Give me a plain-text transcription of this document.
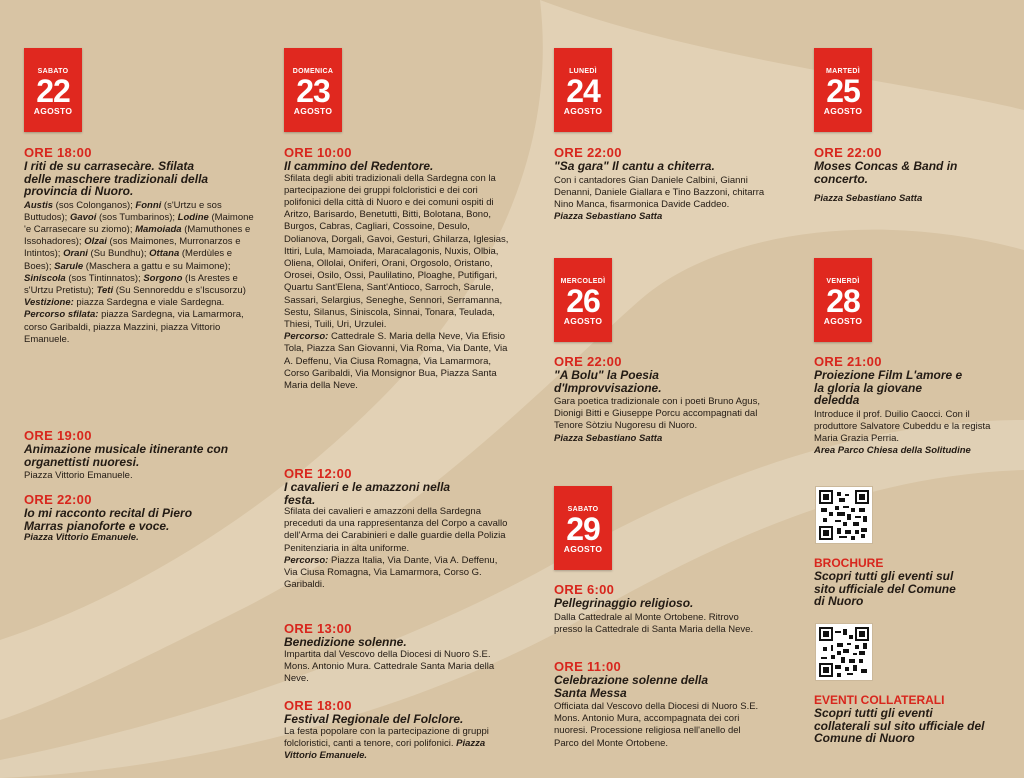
SABATO
22
AGOSTO
ORE 18:00
I riti de su carrasecàre. Sfilata delle maschere tradizionali della provincia di Nuoro.
Austis (sos Colonganos); Fonni (s'Urtzu e sos Buttudos); Gavoi (sos Tumbarinos); Lodine (Maimone 'e Carrasecare su ziomo); Mamoiada (Mamuthones e Issohadores); Olzai (sos Maimones, Murronarzos e Intintos); Orani (Su Bundhu); Ottana (Merdùles e Boes); Sarule (Maschera a gattu e su Maimone); Siniscola (sos Tintinnatos); Sorgono (Is Arestes e s'Urtzu Pretistu); Teti (Su Sennoreddu e s'Iscusorzu)
Vestizione: piazza Sardegna e viale Sardegna.
Percorso sfilata: piazza Sardegna, via Lamarmora, corso Garibaldi, piazza Mazzini, piazza Vittorio Emanuele.
ORE 19:00
Animazione musicale itinerante con organettisti nuoresi.
Piazza Vittorio Emanuele.
ORE 22:00
Io mi racconto recital di Piero Marras pianoforte e voce.
Piazza Vittorio Emanuele.
DOMENICA
23
AGOSTO
ORE 10:00
Il cammino del Redentore.
Sfilata degli abiti tradizionali della Sardegna con la partecipazione dei gruppi folcloristici e dei cori polifonici della città di Nuoro e dei comuni ospiti di Aritzo, Barisardo, Benetutti, Bitti, Bolotana, Bono, Burgos, Cabras, Cagliari, Cossoine, Desulo, Dolianova, Dorgali, Gavoi, Gesturi, Ghilarza, Iglesias, Ittiri, Lula, Mamoiada, Maracalagonis, Nuxis, Olbia, Oliena, Ollolai, Oniferi, Orani, Orgosolo, Oristano, Orosei, Osilo, Ossi, Paulilatino, Ploaghe, Putifigari, Quartu Sant'Elena, Sant'Antioco, Sarroch, Sarule, Sassari, Selargius, Seneghe, Sennori, Serramanna, Sestu, Silanus, Siniscola, Sinnai, Tonara, Teulada, Thiesi, Tuili, Uri, Urzulei.
Percorso: Cattedrale S. Maria della Neve, Via Efisio Tola, Piazza San Giovanni, Via Roma, Via Dante, Via A. Deffenu, Via Ciusa Romagna, Via Lamarmora, Corso Garibaldi, Via Monsignor Bua, Piazza Santa Maria della Neve.
ORE 12:00
I cavalieri e le amazzoni nella festa.
Sfilata dei cavalieri e amazzoni della Sardegna preceduti da una rappresentanza del Corpo a cavallo dell'Arma dei Carabinieri e dalle guardie della Polizia Penitenziaria in alta uniforme.
Percorso: Piazza Italia, Via Dante, Via A. Deffenu, Via Ciusa Romagna, Via Lamarmora, Corso G. Garibaldi.
ORE 13:00
Benedizione solenne.
Impartita dal Vescovo della Diocesi di Nuoro S.E. Mons. Antonio Mura. Cattedrale Santa Maria della Neve.
ORE 18:00
Festival Regionale del Folclore.
La festa popolare con la partecipazione di gruppi folcloristici, canti a tenore, cori polifonici. Piazza Vittorio Emanuele.
LUNEDÌ
24
AGOSTO
ORE 22:00
"Sa gara" Il cantu a chiterra.
Con i cantadores Gian Daniele Calbini, Gianni Denanni, Daniele Giallara e Tino Bazzoni, chitarra Nino Manca, fisarmonica Davide Caddeo.
Piazza Sebastiano Satta
MERCOLEDÌ
26
AGOSTO
ORE 22:00
"A Bolu" la Poesia d'Improvvisazione.
Gara poetica tradizionale con i poeti Bruno Agus, Dionigi Bitti e Giuseppe Porcu accompagnati dal Tenore Sòtziu Nugoresu di Nuoro.
Piazza Sebastiano Satta
SABATO
29
AGOSTO
ORE 6:00
Pellegrinaggio religioso.
Dalla Cattedrale al Monte Ortobene. Ritrovo presso la Cattedrale di Santa Maria della Neve.
ORE 11:00
Celebrazione solenne della Santa Messa
Officiata dal Vescovo della Diocesi di Nuoro S.E. Mons. Antonio Mura, accompagnata dei cori nuoresi. Processione religiosa nell'anello del Parco del Monte Ortobene.
MARTEDÌ
25
AGOSTO
ORE 22:00
Moses Concas & Band in concerto.
Piazza Sebastiano Satta
VENERDÌ
28
AGOSTO
ORE 21:00
Proiezione Film L'amore e la gloria la giovane deledda
Introduce il prof. Duilio Caocci. Con il produttore Salvatore Cubeddu e la regista Maria Grazia Perria.
Area Parco Chiesa della Solitudine
BROCHURE
Scopri tutti gli eventi sul sito ufficiale del Comune di Nuoro
EVENTI COLLATERALI
Scopri tutti gli eventi collaterali sul sito ufficiale del Comune di Nuoro
